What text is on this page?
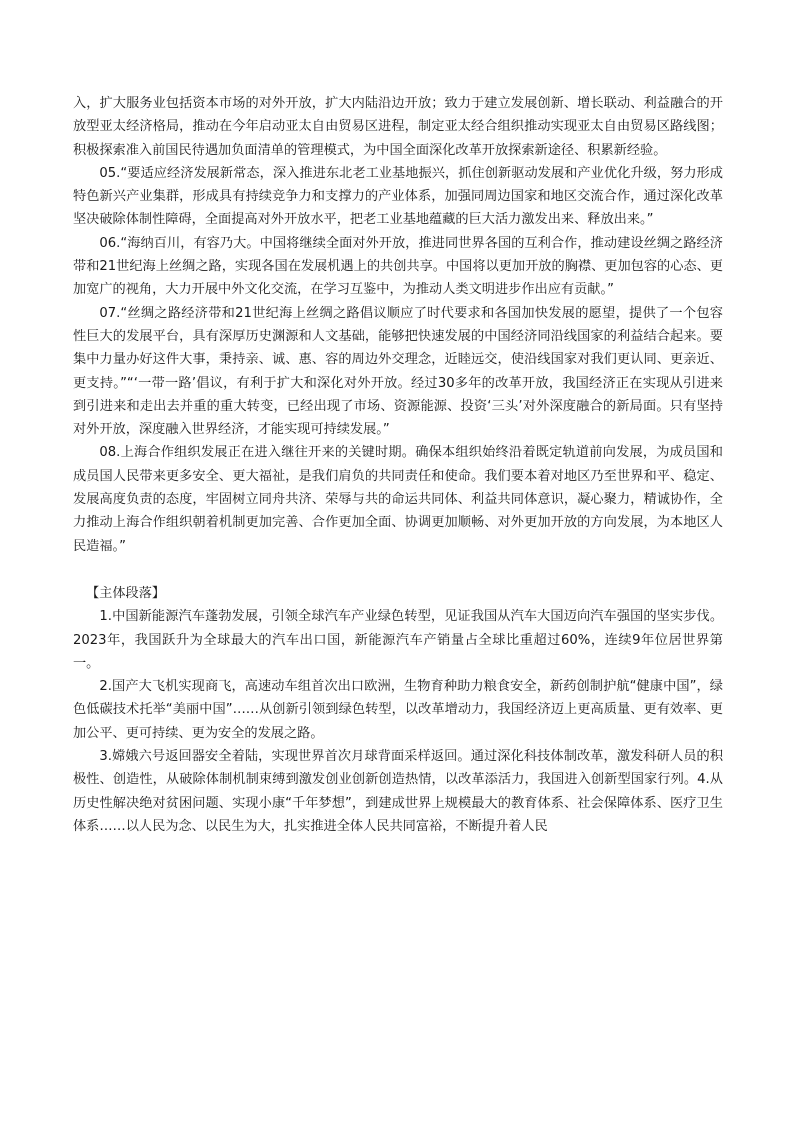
入，扩大服务业包括资本市场的对外开放，扩大内陆沿边开放；致力于建立发展创新、增长联动、利益融合的开放型亚太经济格局，推动在今年启动亚太自由贸易区进程，制定亚太经合组织推动实现亚太自由贸易区路线图；积极探索准入前国民待遇加负面清单的管理模式，为中国全面深化改革开放探索新途径、积累新经验。

05.“要适应经济发展新常态，深入推进东北老工业基地振兴，抓住创新驱动发展和产业优化升级，努力形成特色新兴产业集群，形成具有持续竞争力和支撑力的产业体系，加强同周边国家和地区交流合作，通过深化改革坚决破除体制性障碍，全面提高对外开放水平，把老工业基地蕴藏的巨大活力激发出来、释放出来。”

06.“海纳百川，有容乃大。中国将继续全面对外开放，推进同世界各国的互利合作，推动建设丝绸之路经济带和21世纪海上丝绸之路，实现各国在发展机遇上的共创共享。中国将以更加开放的胸襟、更加包容的心态、更加宽广的视角，大力开展中外文化交流，在学习互鉴中，为推动人类文明进步作出应有贡献。”

07.“丝绸之路经济带和21世纪海上丝绸之路倡议顺应了时代要求和各国加快发展的愿望，提供了一个包容性巨大的发展平台，具有深厚历史渊源和人文基础，能够把快速发展的中国经济同沿线国家的利益结合起来。要集中力量办好这件大事，秉持亲、诚、惠、容的周边外交理念，近睦远交，使沿线国家对我们更认同、更亲近、更支持。”“‘一带一路’倡议，有利于扩大和深化对外开放。经过30多年的改革开放，我国经济正在实现从引进来到引进来和走出去并重的重大转变，已经出现了市场、资源能源、投资‘三头’对外深度融合的新局面。只有坚持对外开放，深度融入世界经济，才能实现可持续发展。”

08.上海合作组织发展正在进入继往开来的关键时期。确保本组织始终沿着既定轨道前向发展，为成员国和成员国人民带来更多安全、更大福祉，是我们肩负的共同责任和使命。我们要本着对地区乃至世界和平、稳定、发展高度负责的态度，牢固树立同舟共济、荣辱与共的命运共同体、利益共同体意识，凝心聚力，精诚协作，全力推动上海合作组织朝着机制更加完善、合作更加全面、协调更加顺畅、对外更加开放的方向发展，为本地区人民造福。”

【主体段落】

1.中国新能源汽车蓬勃发展，引领全球汽车产业绿色转型，见证我国从汽车大国迈向汽车强国的坚实步伐。2023年，我国跃升为全球最大的汽车出口国，新能源汽车产销量占全球比重超过60%，连续9年位居世界第一。

2.国产大飞机实现商飞，高速动车组首次出口欧洲，生物育种助力粮食安全，新药创制护航“健康中国”，绿色低碳技术托举“美丽中国”……从创新引领到绿色转型，以改革增动力，我国经济迈上更高质量、更有效率、更加公平、更可持续、更为安全的发展之路。

3.嫦娥六号返回器安全着陆，实现世界首次月球背面采样返回。通过深化科技体制改革，激发科研人员的积极性、创造性，从破除体制机制束缚到激发创业创新创造热情，以改革添活力，我国进入创新型国家行列。4.从历史性解决绝对贫困问题、实现小康“千年梦想”，到建成世界上规模最大的教育体系、社会保障体系、医疗卫生体系……以人民为念、以民生为大，扎实推进全体人民共同富裕，不断提升着人民
